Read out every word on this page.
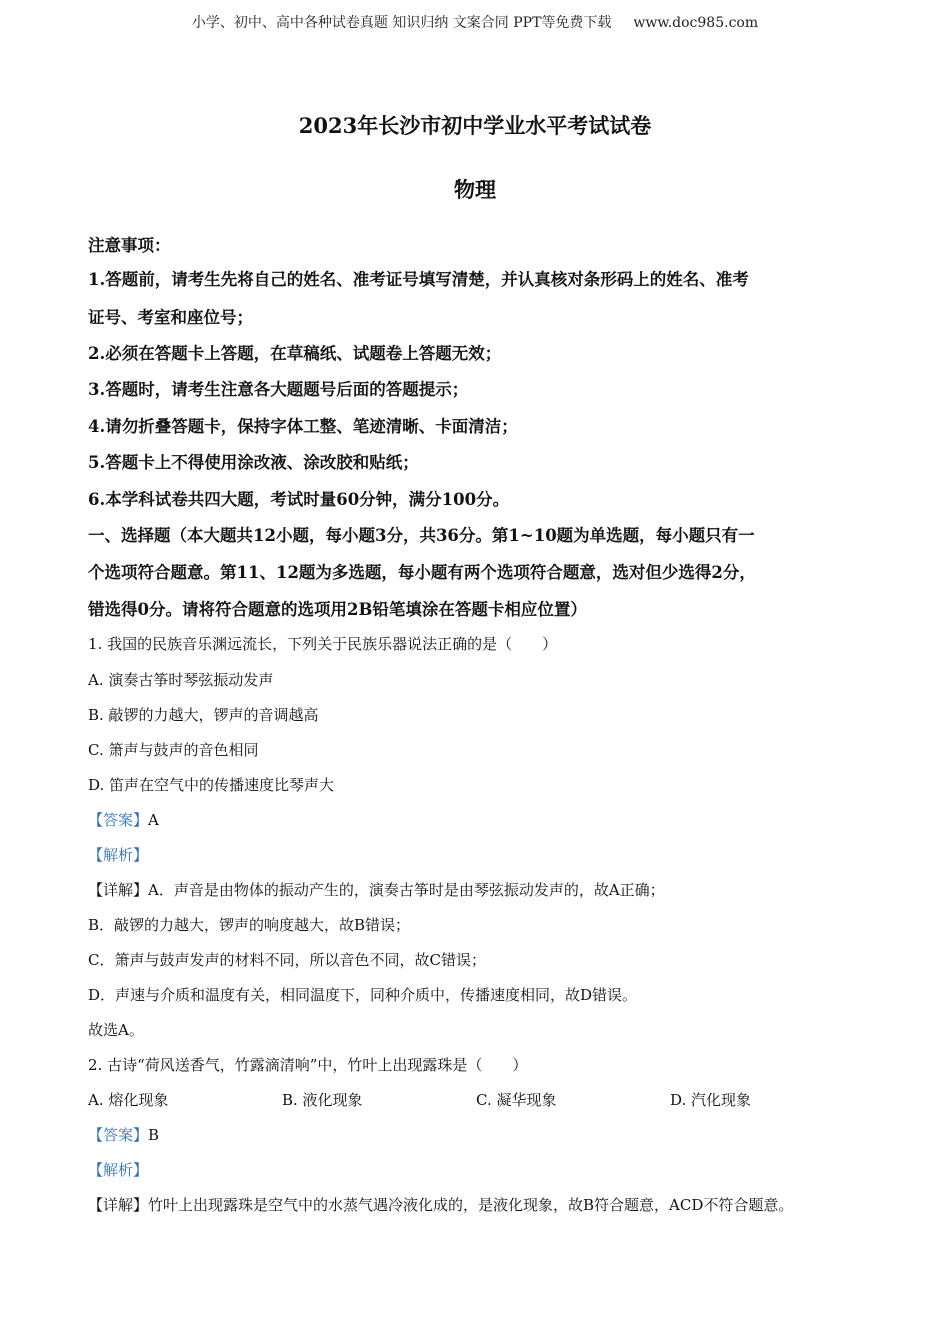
小学、初中、高中各种试卷真题 知识归纳 文案合同 PPT等免费下载 www.doc985.com
2023年长沙市初中学业水平考试试卷
物理
注意事项：
1.答题前，请考生先将自己的姓名、准考证号填写清楚，并认真核对条形码上的姓名、准考
证号、考室和座位号；
2.必须在答题卡上答题，在草稿纸、试题卷上答题无效；
3.答题时，请考生注意各大题题号后面的答题提示；
4.请勿折叠答题卡，保持字体工整、笔迹清晰、卡面清洁；
5.答题卡上不得使用涂改液、涂改胶和贴纸；
6.本学科试卷共四大题，考试时量60分钟，满分100分。
一、选择题（本大题共12小题，每小题3分，共36分。第1~10题为单选题，每小题只有一
个选项符合题意。第11、12题为多选题，每小题有两个选项符合题意，选对但少选得2分，
错选得0分。请将符合题意的选项用2B铅笔填涂在答题卡相应位置）
1. 我国的民族音乐渊远流长，下列关于民族乐器说法正确的是（　　）
A. 演奏古筝时琴弦振动发声
B. 敲锣的力越大，锣声的音调越高
C. 箫声与鼓声的音色相同
D. 笛声在空气中的传播速度比琴声大
【答案】A
【解析】
【详解】A．声音是由物体的振动产生的，演奏古筝时是由琴弦振动发声的，故A正确；
B．敲锣的力越大，锣声的响度越大，故B错误；
C．箫声与鼓声发声的材料不同，所以音色不同，故C错误；
D．声速与介质和温度有关，相同温度下，同种介质中，传播速度相同，故D错误。
故选A。
2. 古诗“荷风送香气，竹露滴清响”中，竹叶上出现露珠是（　　）
A. 熔化现象	B. 液化现象	C. 凝华现象	D. 汽化现象
【答案】B
【解析】
【详解】竹叶上出现露珠是空气中的水蒸气遇冷液化成的，是液化现象，故B符合题意，ACD不符合题意。
